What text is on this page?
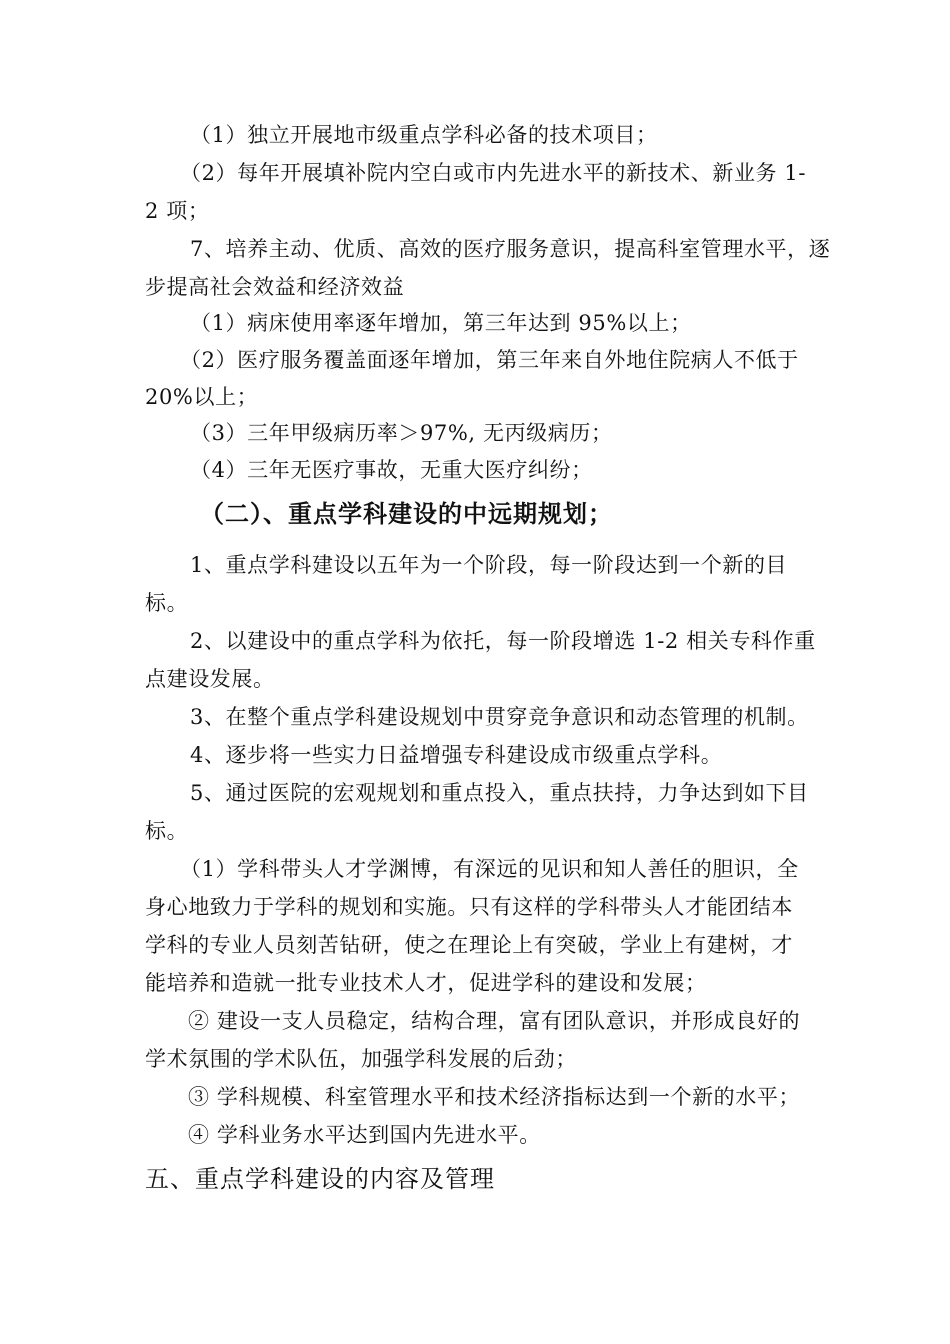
（1）独立开展地市级重点学科必备的技术项目；
（2）每年开展填补院内空白或市内先进水平的新技术、新业务 1-
2 项；
7、培养主动、优质、高效的医疗服务意识，提高科室管理水平，逐
步提高社会效益和经济效益
（1）病床使用率逐年增加，第三年达到 95%以上；
（2）医疗服务覆盖面逐年增加，第三年来自外地住院病人不低于
20%以上；
（3）三年甲级病历率＞97%, 无丙级病历；
（4）三年无医疗事故，无重大医疗纠纷；
（二）、重点学科建设的中远期规划；
1、重点学科建设以五年为一个阶段，每一阶段达到一个新的目
标。
2、以建设中的重点学科为依托，每一阶段增选 1-2 相关专科作重
点建设发展。
3、在整个重点学科建设规划中贯穿竞争意识和动态管理的机制。
4、逐步将一些实力日益增强专科建设成市级重点学科。
5、通过医院的宏观规划和重点投入，重点扶持，力争达到如下目
标。
（1）学科带头人才学渊博，有深远的见识和知人善任的胆识，全
身心地致力于学科的规划和实施。只有这样的学科带头人才能团结本
学科的专业人员刻苦钻研，使之在理论上有突破，学业上有建树，才
能培养和造就一批专业技术人才，促进学科的建设和发展；
② 建设一支人员稳定，结构合理，富有团队意识，并形成良好的
学术氛围的学术队伍，加强学科发展的后劲；
③ 学科规模、科室管理水平和技术经济指标达到一个新的水平；
④ 学科业务水平达到国内先进水平。
五、重点学科建设的内容及管理
